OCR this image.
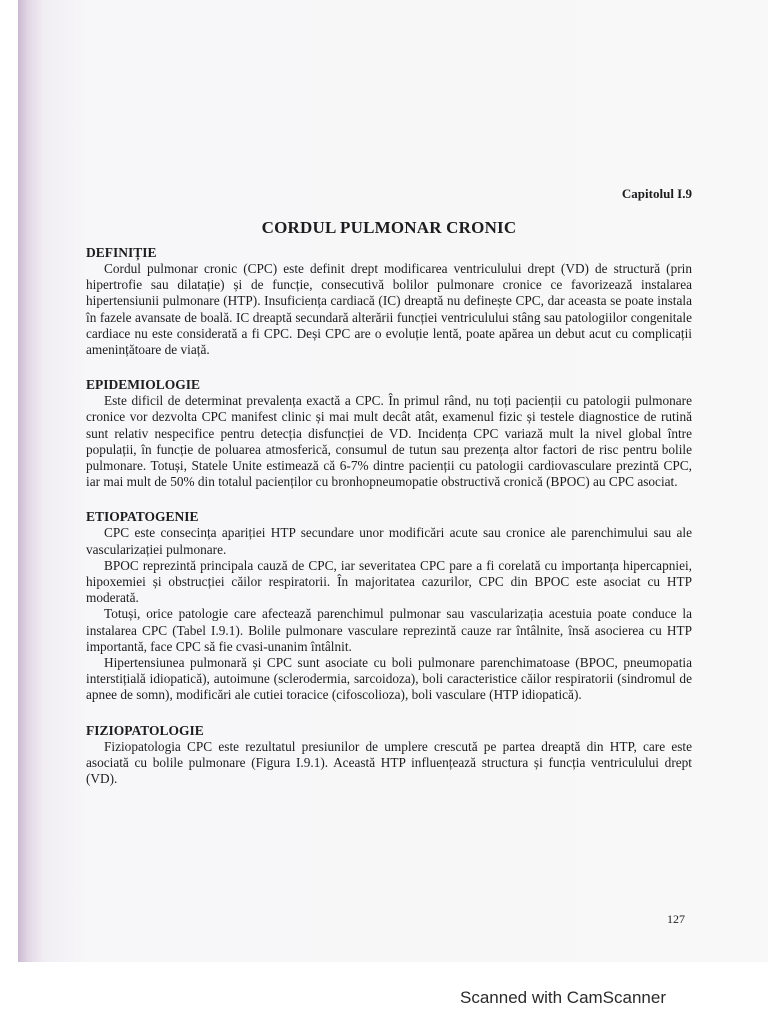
Capitolul I.9

CORDUL PULMONAR CRONIC

DEFINIȚIE

Cordul pulmonar cronic (CPC) este definit drept modificarea ventriculului drept (VD) de structură (prin hipertrofie sau dilatație) și de funcție, consecutivă bolilor pulmonare cronice ce favorizează instalarea hipertensiunii pulmonare (HTP). Insuficiența cardiacă (IC) dreaptă nu definește CPC, dar aceasta se poate instala în fazele avansate de boală. IC dreaptă secundară alterării funcției ventriculului stâng sau patologiilor congenitale cardiace nu este considerată a fi CPC. Deși CPC are o evoluție lentă, poate apărea un debut acut cu complicații amenințătoare de viață.

EPIDEMIOLOGIE

Este dificil de determinat prevalența exactă a CPC. În primul rând, nu toți pacienții cu patologii pulmonare cronice vor dezvolta CPC manifest clinic și mai mult decât atât, examenul fizic și testele diagnostice de rutină sunt relativ nespecifice pentru detecția disfuncției de VD. Incidența CPC variază mult la nivel global între populații, în funcție de poluarea atmosferică, consumul de tutun sau prezența altor factori de risc pentru bolile pulmonare. Totuși, Statele Unite estimează că 6-7% dintre pacienții cu patologii cardiovasculare prezintă CPC, iar mai mult de 50% din totalul pacienților cu bronhopneumopatie obstructivă cronică (BPOC) au CPC asociat.

ETIOPATOGENIE

CPC este consecința apariției HTP secundare unor modificări acute sau cronice ale parenchimului sau ale vascularizației pulmonare.

BPOC reprezintă principala cauză de CPC, iar severitatea CPC pare a fi corelată cu importanța hipercapniei, hipoxemiei și obstrucției căilor respiratorii. În majoritatea cazurilor, CPC din BPOC este asociat cu HTP moderată.

Totuși, orice patologie care afectează parenchimul pulmonar sau vascularizația acestuia poate conduce la instalarea CPC (Tabel I.9.1). Bolile pulmonare vasculare reprezintă cauze rar întâlnite, însă asocierea cu HTP importantă, face CPC să fie cvasi-unanim întâlnit.

Hipertensiunea pulmonară și CPC sunt asociate cu boli pulmonare parenchimatoase (BPOC, pneumopatia interstițială idiopatică), autoimune (sclerodermia, sarcoidoza), boli caracteristice căilor respiratorii (sindromul de apnee de somn), modificări ale cutiei toracice (cifoscolioza), boli vasculare (HTP idiopatică).

FIZIOPATOLOGIE

Fiziopatologia CPC este rezultatul presiunilor de umplere crescută pe partea dreaptă din HTP, care este asociată cu bolile pulmonare (Figura I.9.1). Această HTP influențează structura și funcția ventriculului drept (VD).

127
Scanned with CamScanner
